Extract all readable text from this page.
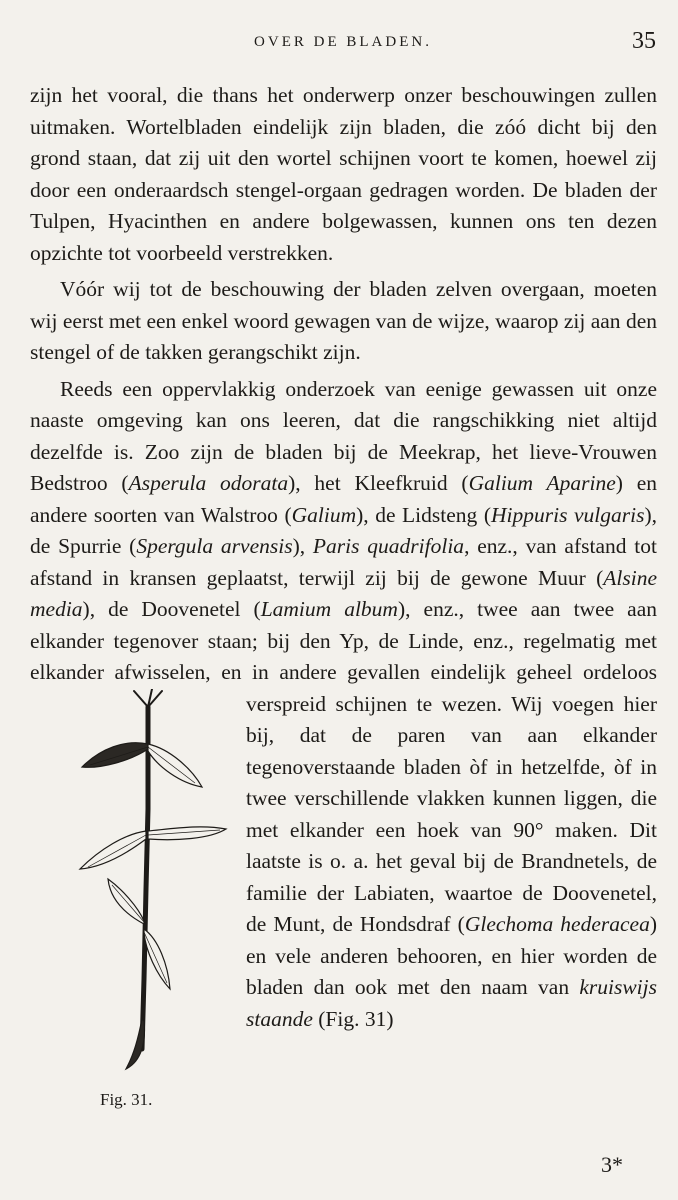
OVER DE BLADEN.	35

zijn het vooral, die thans het onderwerp onzer beschouwingen zullen uitmaken. Wortelbladen eindelijk zijn bladen, die zóó dicht bij den grond staan, dat zij uit den wortel schijnen voort te komen, hoewel zij door een onderaardsch stengel-orgaan gedragen worden. De bladen der Tulpen, Hyacinthen en andere bolgewassen, kunnen ons ten dezen opzichte tot voorbeeld verstrekken.

Vóór wij tot de beschouwing der bladen zelven overgaan, moeten wij eerst met een enkel woord gewagen van de wijze, waarop zij aan den stengel of de takken gerangschikt zijn.

Fig. 31.

Reeds een oppervlakkig onderzoek van eenige gewassen uit onze naaste omgeving kan ons leeren, dat die rangschikking niet altijd dezelfde is. Zoo zijn de bladen bij de Meekrap, het lieve-Vrouwen Bedstroo (Asperula odorata), het Kleefkruid (Galium Aparine) en andere soorten van Walstroo (Galium), de Lidsteng (Hippuris vulgaris), de Spurrie (Spergula arvensis), Paris quadrifolia, enz., van afstand tot afstand in kransen geplaatst, terwijl zij bij de gewone Muur (Alsine media), de Doovenetel (Lamium album), enz., twee aan twee aan elkander tegenover staan; bij den Yp, de Linde, enz., regelmatig met elkander afwisselen, en in andere gevallen eindelijk geheel ordeloos verspreid schijnen te wezen. Wij voegen hier bij, dat de paren van aan elkander tegenoverstaande bladen òf in hetzelfde, òf in twee verschillende vlakken kunnen liggen, die met elkander een hoek van 90° maken. Dit laatste is o. a. het geval bij de Brandnetels, de familie der Labiaten, waartoe de Doovenetel, de Munt, de Hondsdraf (Glechoma hederacea) en vele anderen behooren, en hier worden de bladen dan ook met den naam van kruiswijs staande (Fig. 31)

3*
